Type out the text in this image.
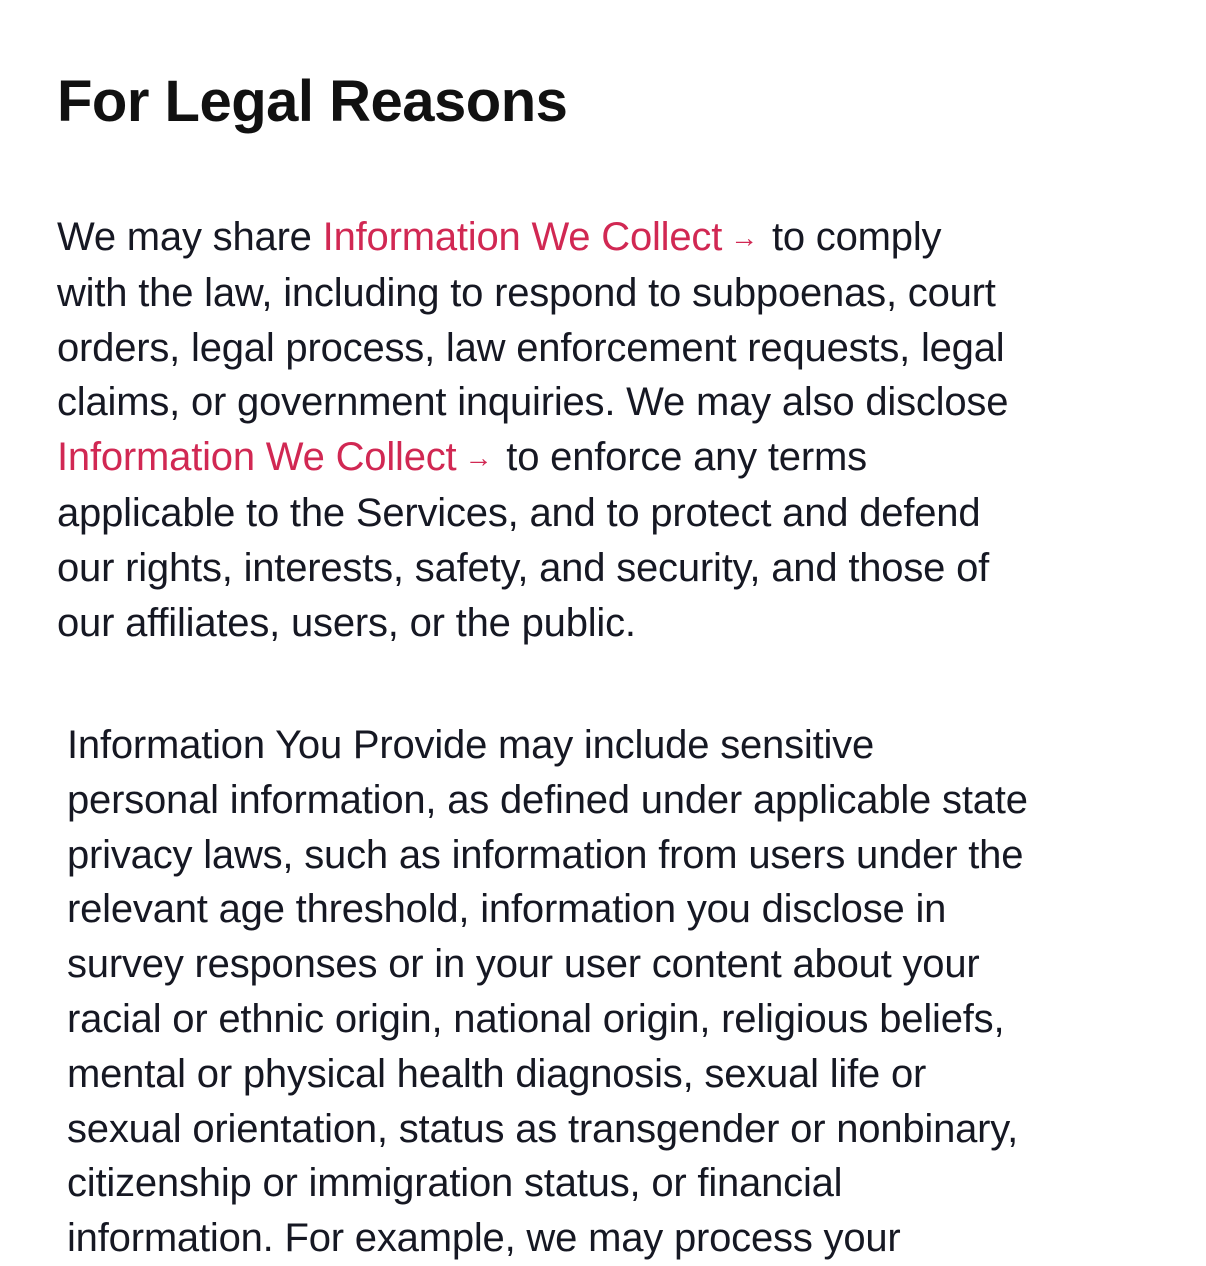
For Legal Reasons

We may share Information We Collect → to comply
with the law, including to respond to subpoenas, court
orders, legal process, law enforcement requests, legal
claims, or government inquiries. We may also disclose
Information We Collect → to enforce any terms
applicable to the Services, and to protect and defend
our rights, interests, safety, and security, and those of
our affiliates, users, or the public.

Information You Provide may include sensitive
personal information, as defined under applicable state
privacy laws, such as information from users under the
relevant age threshold, information you disclose in
survey responses or in your user content about your
racial or ethnic origin, national origin, religious beliefs,
mental or physical health diagnosis, sexual life or
sexual orientation, status as transgender or nonbinary,
citizenship or immigration status, or financial
information. For example, we may process your
